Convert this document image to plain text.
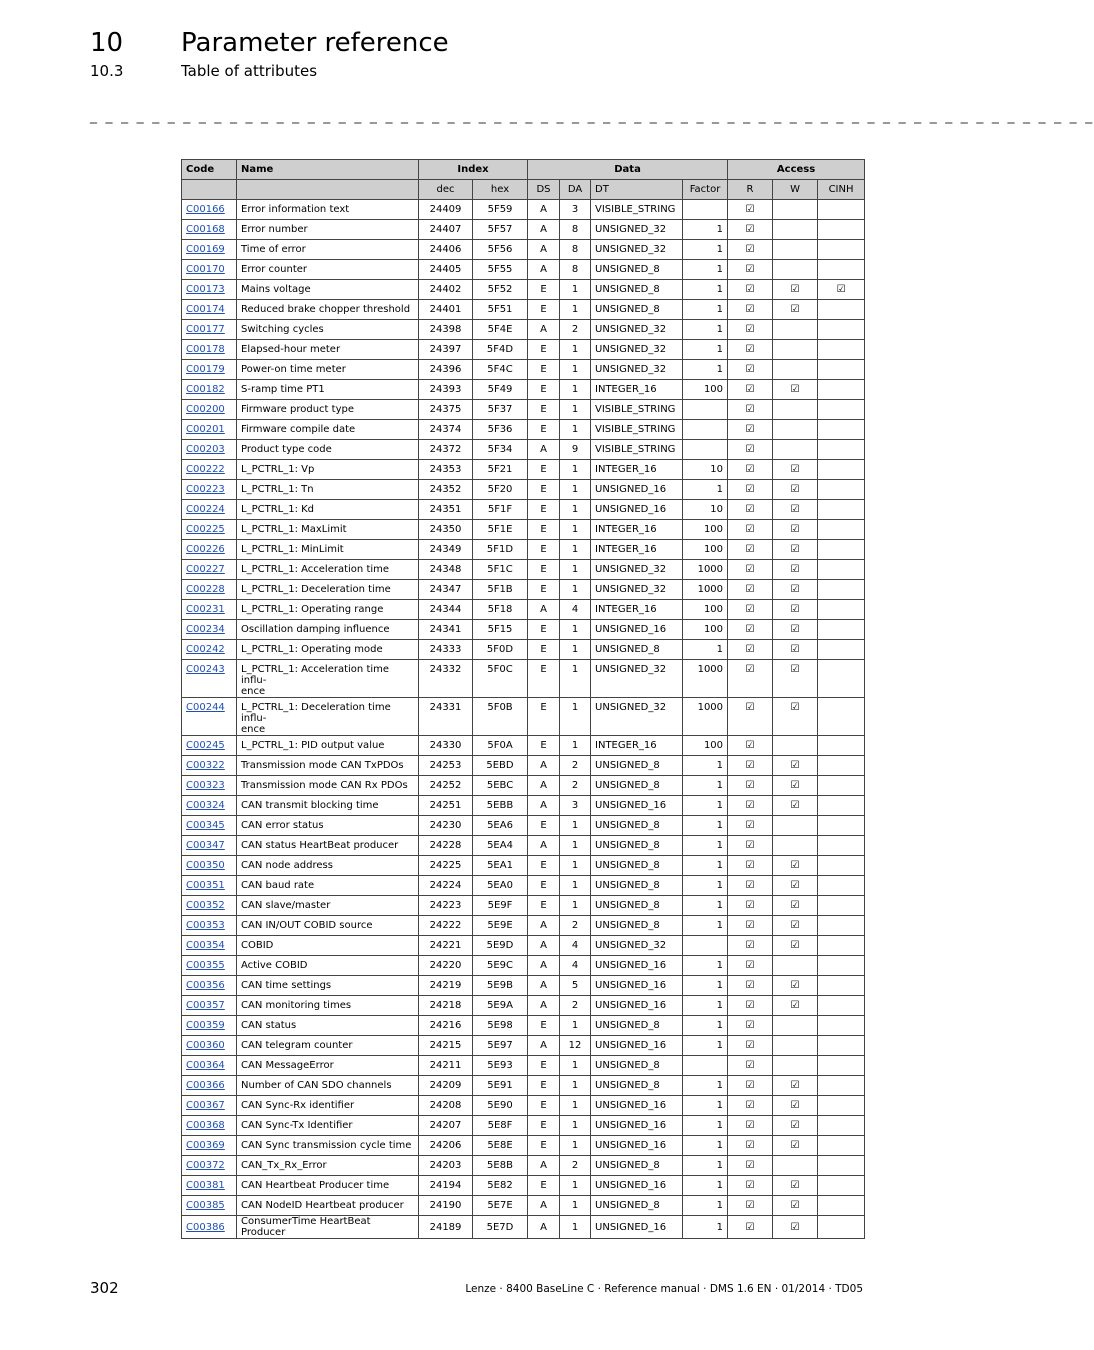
10 Parameter reference
10.3	Table of attributes
_ _ _ _ _ _ _ _ _ _ _ _ _ _ _ _ _ _ _ _ _ _ _ _ _ _ _ _ _ _ _ _ _ _ _ _ _ _ _ _ _ _ _ _ _ _ _ _ _ _ _ _ _ _ _ _ _ _ _ _ _ _ _ _ _
Code	Name	Index		Data				Access		
		dec	hex	DS	DA	DT	Factor	R	W	CINH
C00166	Error information text	24409	5F59	A	3	VISIBLE_STRING		☑		
C00168	Error number	24407	5F57	A	8	UNSIGNED_32	1	☑		
C00169	Time of error	24406	5F56	A	8	UNSIGNED_32	1	☑		
C00170	Error counter	24405	5F55	A	8	UNSIGNED_8	1	☑		
C00173	Mains voltage	24402	5F52	E	1	UNSIGNED_8	1	☑	☑	☑
C00174	Reduced brake chopper threshold	24401	5F51	E	1	UNSIGNED_8	1	☑	☑	
C00177	Switching cycles	24398	5F4E	A	2	UNSIGNED_32	1	☑		
C00178	Elapsed-hour meter	24397	5F4D	E	1	UNSIGNED_32	1	☑		
C00179	Power-on time meter	24396	5F4C	E	1	UNSIGNED_32	1	☑		
C00182	S-ramp time PT1	24393	5F49	E	1	INTEGER_16	100	☑	☑	
C00200	Firmware product type	24375	5F37	E	1	VISIBLE_STRING		☑		
C00201	Firmware compile date	24374	5F36	E	1	VISIBLE_STRING		☑		
C00203	Product type code	24372	5F34	A	9	VISIBLE_STRING		☑		
C00222	L_PCTRL_1: Vp	24353	5F21	E	1	INTEGER_16	10	☑	☑	
C00223	L_PCTRL_1: Tn	24352	5F20	E	1	UNSIGNED_16	1	☑	☑	
C00224	L_PCTRL_1: Kd	24351	5F1F	E	1	UNSIGNED_16	10	☑	☑	
C00225	L_PCTRL_1: MaxLimit	24350	5F1E	E	1	INTEGER_16	100	☑	☑	
C00226	L_PCTRL_1: MinLimit	24349	5F1D	E	1	INTEGER_16	100	☑	☑	
C00227	L_PCTRL_1: Acceleration time	24348	5F1C	E	1	UNSIGNED_32	1000	☑	☑	
C00228	L_PCTRL_1: Deceleration time	24347	5F1B	E	1	UNSIGNED_32	1000	☑	☑	
C00231	L_PCTRL_1: Operating range	24344	5F18	A	4	INTEGER_16	100	☑	☑	
C00234	Oscillation damping influence	24341	5F15	E	1	UNSIGNED_16	100	☑	☑	
C00242	L_PCTRL_1: Operating mode	24333	5F0D	E	1	UNSIGNED_8	1	☑	☑	
C00243	L_PCTRL_1: Acceleration time influ-
ence	24332	5F0C	E	1	UNSIGNED_32	1000	☑	☑	
C00244	L_PCTRL_1: Deceleration time influ-
ence	24331	5F0B	E	1	UNSIGNED_32	1000	☑	☑	
C00245	L_PCTRL_1: PID output value	24330	5F0A	E	1	INTEGER_16	100	☑		
C00322	Transmission mode CAN TxPDOs	24253	5EBD	A	2	UNSIGNED_8	1	☑	☑	
C00323	Transmission mode CAN Rx PDOs	24252	5EBC	A	2	UNSIGNED_8	1	☑	☑	
C00324	CAN transmit blocking time	24251	5EBB	A	3	UNSIGNED_16	1	☑	☑	
C00345	CAN error status	24230	5EA6	E	1	UNSIGNED_8	1	☑		
C00347	CAN status HeartBeat producer	24228	5EA4	A	1	UNSIGNED_8	1	☑		
C00350	CAN node address	24225	5EA1	E	1	UNSIGNED_8	1	☑	☑	
C00351	CAN baud rate	24224	5EA0	E	1	UNSIGNED_8	1	☑	☑	
C00352	CAN slave/master	24223	5E9F	E	1	UNSIGNED_8	1	☑	☑	
C00353	CAN IN/OUT COBID source	24222	5E9E	A	2	UNSIGNED_8	1	☑	☑	
C00354	COBID	24221	5E9D	A	4	UNSIGNED_32		☑	☑	
C00355	Active COBID	24220	5E9C	A	4	UNSIGNED_16	1	☑		
C00356	CAN time settings	24219	5E9B	A	5	UNSIGNED_16	1	☑	☑	
C00357	CAN monitoring times	24218	5E9A	A	2	UNSIGNED_16	1	☑	☑	
C00359	CAN status	24216	5E98	E	1	UNSIGNED_8	1	☑		
C00360	CAN telegram counter	24215	5E97	A	12	UNSIGNED_16	1	☑		
C00364	CAN MessageError	24211	5E93	E	1	UNSIGNED_8		☑		
C00366	Number of CAN SDO channels	24209	5E91	E	1	UNSIGNED_8	1	☑	☑	
C00367	CAN Sync-Rx identifier	24208	5E90	E	1	UNSIGNED_16	1	☑	☑	
C00368	CAN Sync-Tx Identifier	24207	5E8F	E	1	UNSIGNED_16	1	☑	☑	
C00369	CAN Sync transmission cycle time	24206	5E8E	E	1	UNSIGNED_16	1	☑	☑	
C00372	CAN_Tx_Rx_Error	24203	5E8B	A	2	UNSIGNED_8	1	☑		
C00381	CAN Heartbeat Producer time	24194	5E82	E	1	UNSIGNED_16	1	☑	☑	
C00385	CAN NodeID Heartbeat producer	24190	5E7E	A	1	UNSIGNED_8	1	☑	☑	
C00386	ConsumerTime HeartBeat Producer	24189	5E7D	A	1	UNSIGNED_16	1	☑	☑	
302	Lenze · 8400 BaseLine C · Reference manual · DMS 1.6 EN · 01/2014 · TD05
